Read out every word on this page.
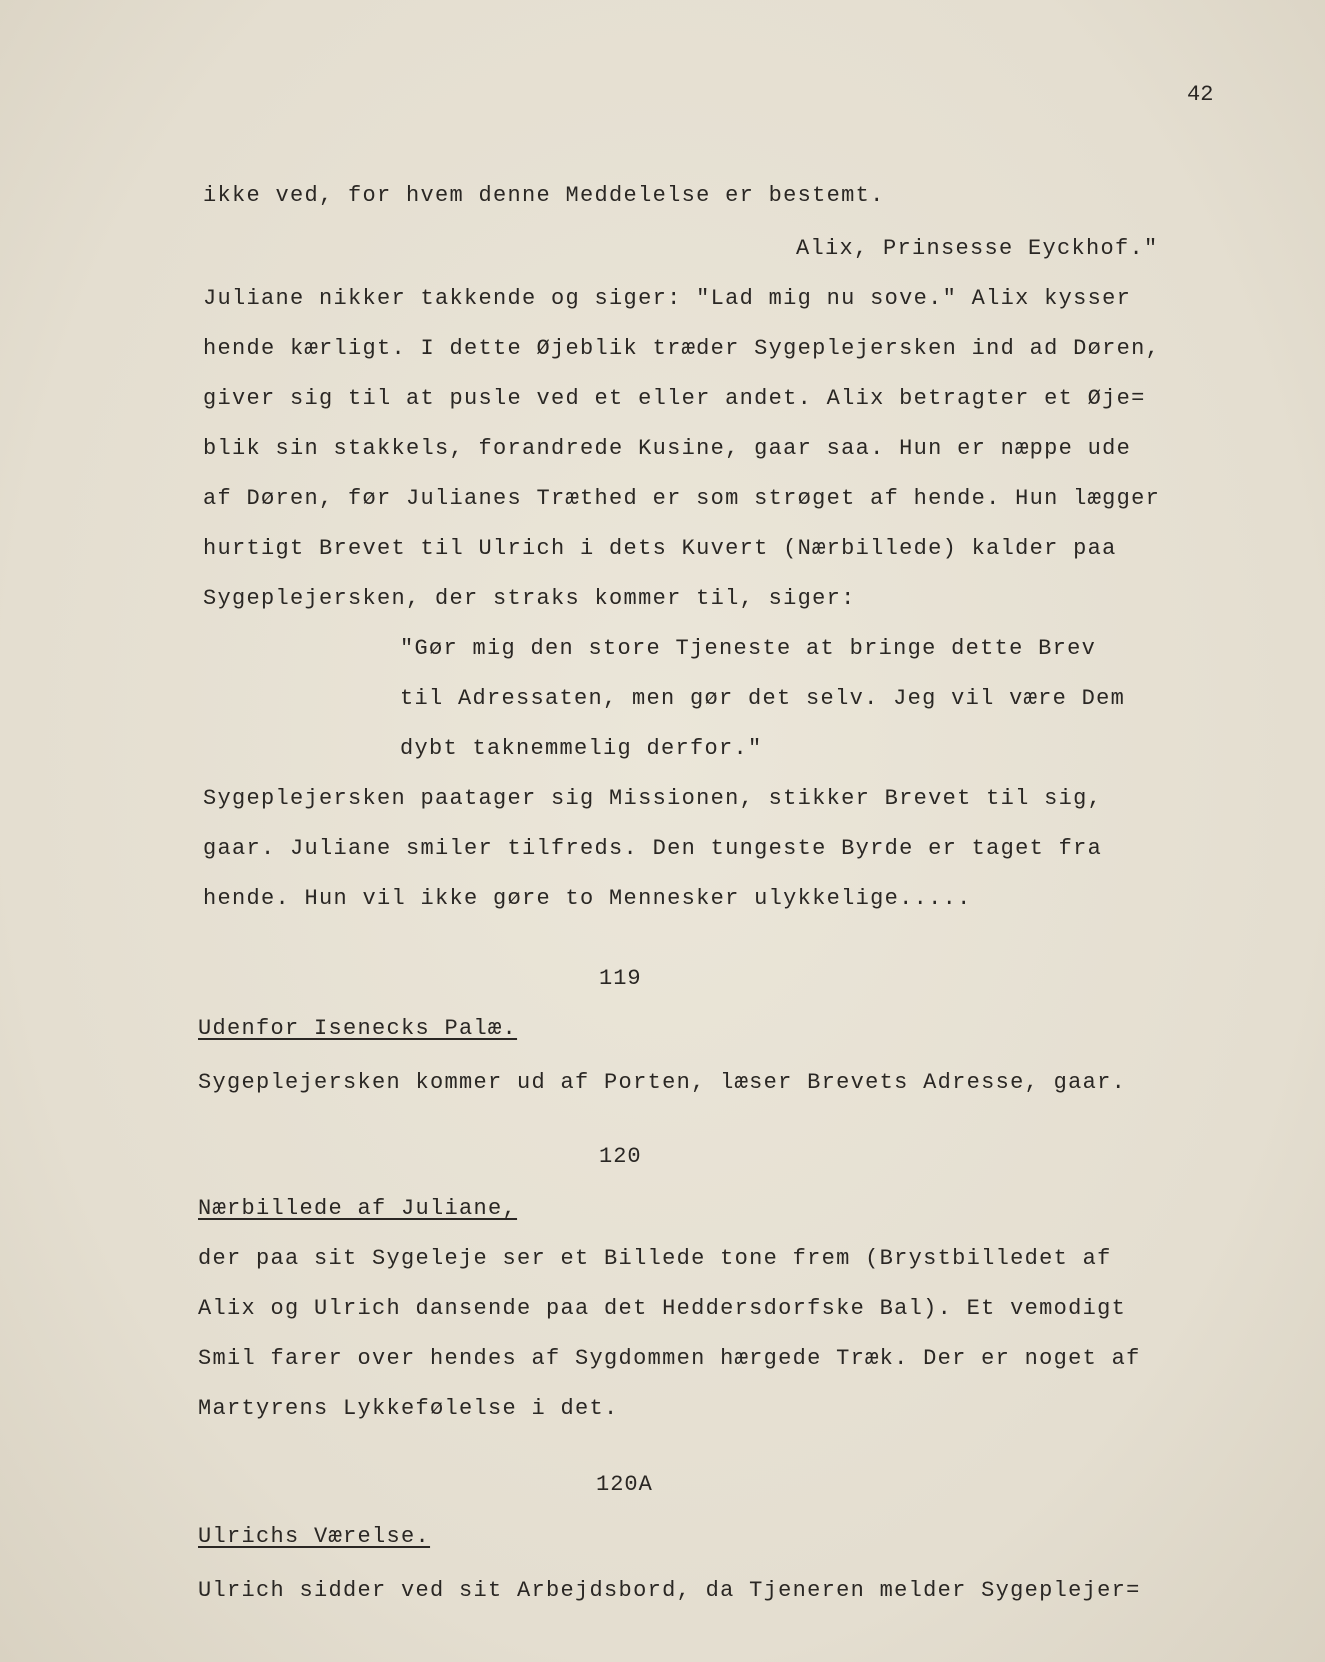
42
ikke ved, for hvem denne Meddelelse er bestemt.
Alix, Prinsesse Eyckhof."
Juliane nikker takkende og siger: "Lad mig nu sove." Alix kysser
hende kærligt. I dette Øjeblik træder Sygeplejersken ind ad Døren,
giver sig til at pusle ved et eller andet. Alix betragter et Øje=
blik sin stakkels, forandrede Kusine, gaar saa. Hun er næppe ude
af Døren, før Julianes Træthed er som strøget af hende. Hun lægger
hurtigt Brevet til Ulrich i dets Kuvert (Nærbillede) kalder paa
Sygeplejersken, der straks kommer til, siger:
"Gør mig den store Tjeneste at bringe dette Brev
til Adressaten, men gør det selv. Jeg vil være Dem
dybt taknemmelig derfor."
Sygeplejersken paatager sig Missionen, stikker Brevet til sig,
gaar. Juliane smiler tilfreds. Den tungeste Byrde er taget fra
hende. Hun vil ikke gøre to Mennesker ulykkelige.....
119
Udenfor Isenecks Palæ.
Sygeplejersken kommer ud af Porten, læser Brevets Adresse, gaar.
120
Nærbillede af Juliane,
der paa sit Sygeleje ser et Billede tone frem (Brystbilledet af
Alix og Ulrich dansende paa det Heddersdorfske Bal). Et vemodigt
Smil farer over hendes af Sygdommen hærgede Træk. Der er noget af
Martyrens Lykkefølelse i det.
120A
Ulrichs Værelse.
Ulrich sidder ved sit Arbejdsbord, da Tjeneren melder Sygeplejer=
